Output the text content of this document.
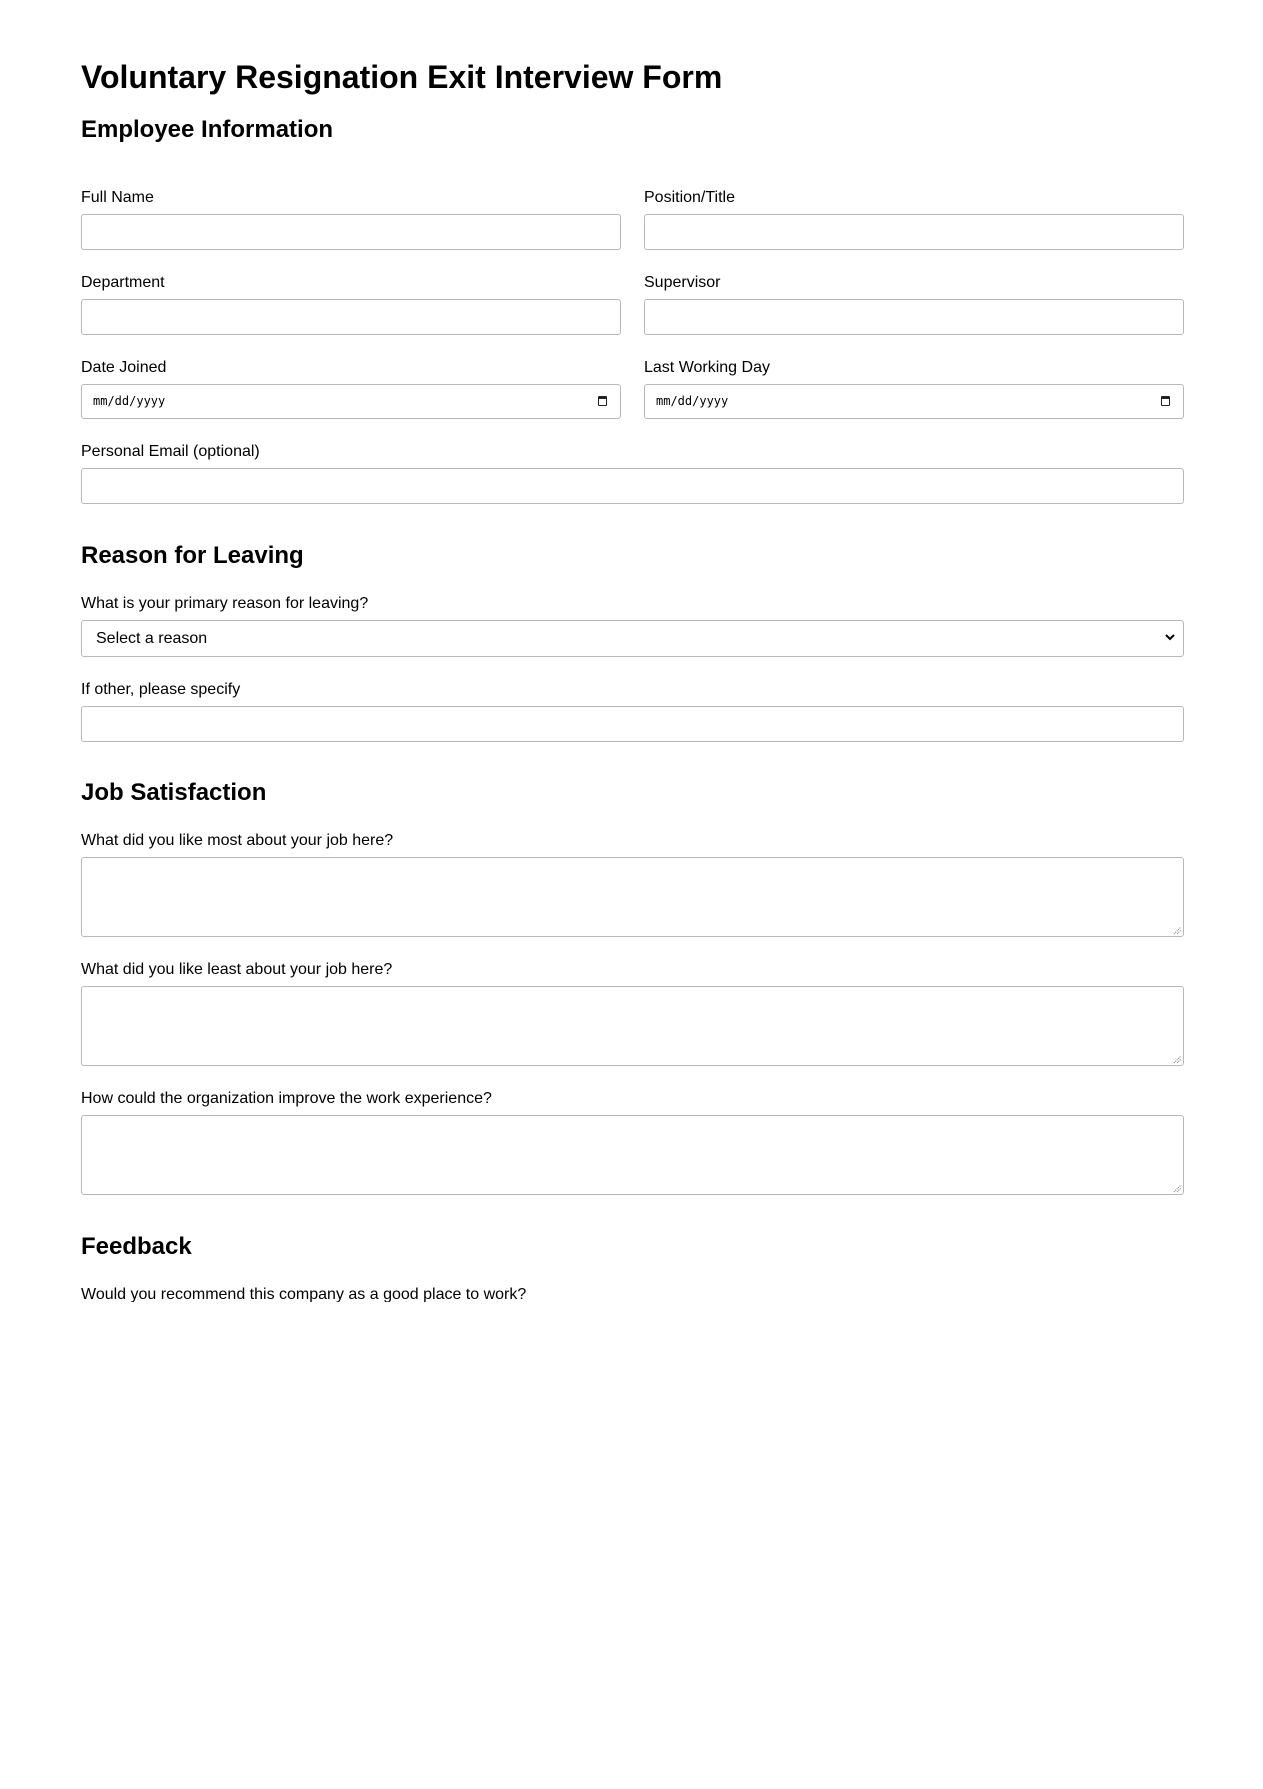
Voluntary Resignation Exit Interview Form
Employee Information
Full Name	Position/Title
Department	Supervisor
Date Joined
mm/dd/yyyy
Last Working Day
mm/dd/yyyy
Personal Email (optional)
Reason for Leaving
What is your primary reason for leaving?
Select a reason
If other, please specify
Job Satisfaction
What did you like most about your job here?
What did you like least about your job here?
How could the organization improve the work experience?
Feedback
Would you recommend this company as a good place to work?
